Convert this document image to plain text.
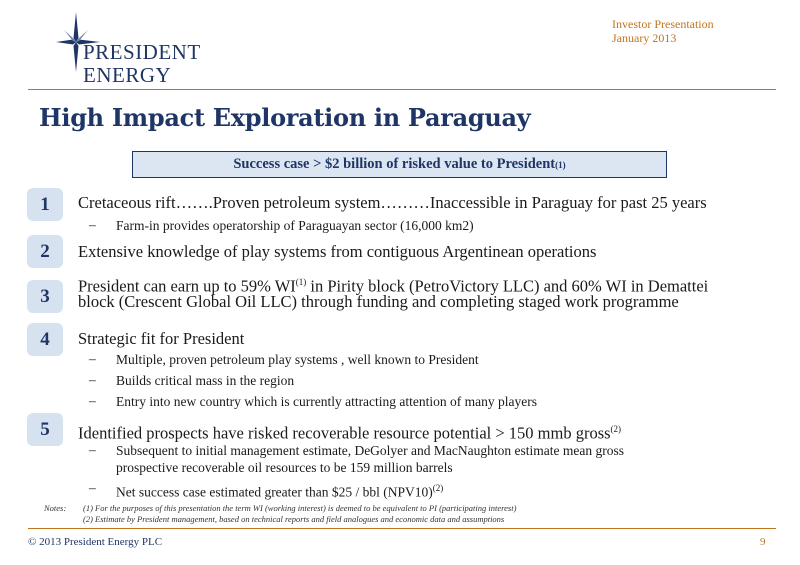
PRESIDENT
ENERGY
Investor Presentation
January 2013
High Impact Exploration in Paraguay
Success case > $2 billion of risked value to President (1)
1	Cretaceous rift…….Proven petroleum system………Inaccessible in Paraguay for past 25 years
– Farm-in provides operatorship of Paraguayan sector (16,000 km2)
2	Extensive knowledge of play systems from contiguous Argentinean operations
3	President can earn up to 59% WI$^{(1)}$ in Pirity block (PetroVictory LLC) and 60% WI in Demattei
block (Crescent Global Oil LLC) through funding and completing staged work programme
4	Strategic fit for President
– Multiple, proven petroleum play systems , well known to President
– Builds critical mass in the region
– Entry into new country which is currently attracting attention of many players
5	Identified prospects have risked recoverable resource potential > 150 mmb gross$^{(2)}$
– Subsequent to initial management estimate, DeGolyer and MacNaughton estimate mean gross
prospective recoverable oil resources to be 159 million barrels
– Net success case estimated greater than $25 / bbl $(NPV10)^{(2)}$
Notes: (1) For the purposes of this presentation the term WI (working interest) is deemed to be equivalent to PI (participating interest)
(2) Estimate by President management, based on technical reports and field analogues and economic data and assumptions
© 2013 President Energy PLC	9
